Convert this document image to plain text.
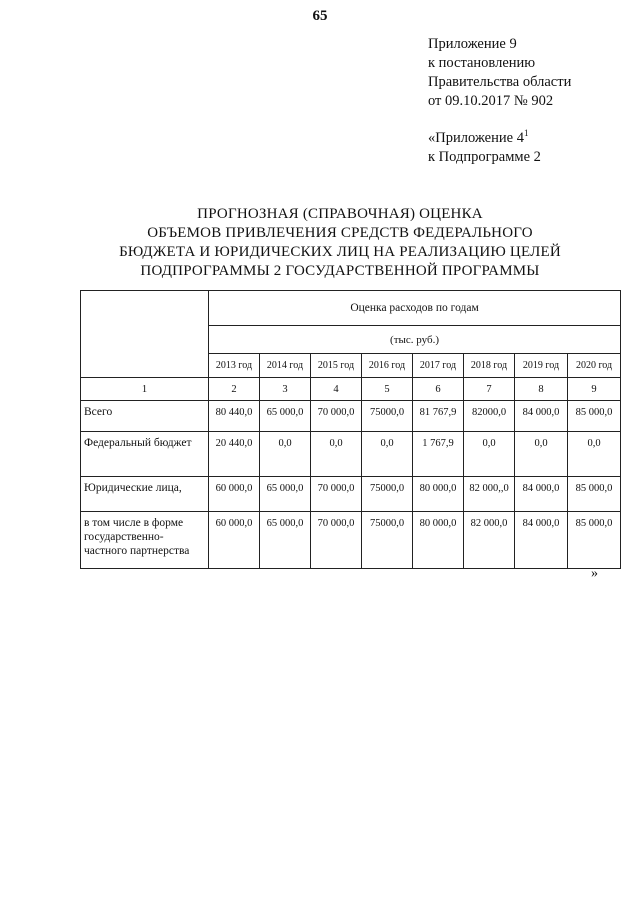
65
Приложение 9
к постановлению
Правительства области
от 09.10.2017 № 902
«Приложение $4^1$
к Подпрограмме 2
ПРОГНОЗНАЯ (СПРАВОЧНАЯ) ОЦЕНКА
ОБЪЕМОВ ПРИВЛЕЧЕНИЯ СРЕДСТВ ФЕДЕРАЛЬНОГО
БЮДЖЕТА И ЮРИДИЧЕСКИХ ЛИЦ НА РЕАЛИЗАЦИЮ ЦЕЛЕЙ
ПОДПРОГРАММЫ 2 ГОСУДАРСТВЕННОЙ ПРОГРАММЫ
	Оценка расходов по годам							
	(тыс. руб.)							
	2013 год	2014 год	2015 год	2016 год	2017 год	2018 год	2019 год	2020 год
1	2	3	4	5	6	7	8	9
Всего	80 440,0	65 000,0	70 000,0	75000,0	81 767,9	82000,0	84 000,0	85 000,0
Федеральный бюджет	20 440,0	0,0	0,0	0,0	1 767,9	0,0	0,0	0,0
Юридические лица,	60 000,0	65 000,0	70 000,0	75000,0	80 000,0	82 000,,0	84 000,0	85 000,0
в том числе в форме государственно-частного партнерства	60 000,0	65 000,0	70 000,0	75000,0	80 000,0	82 000,0	84 000,0	85 000,0
»
